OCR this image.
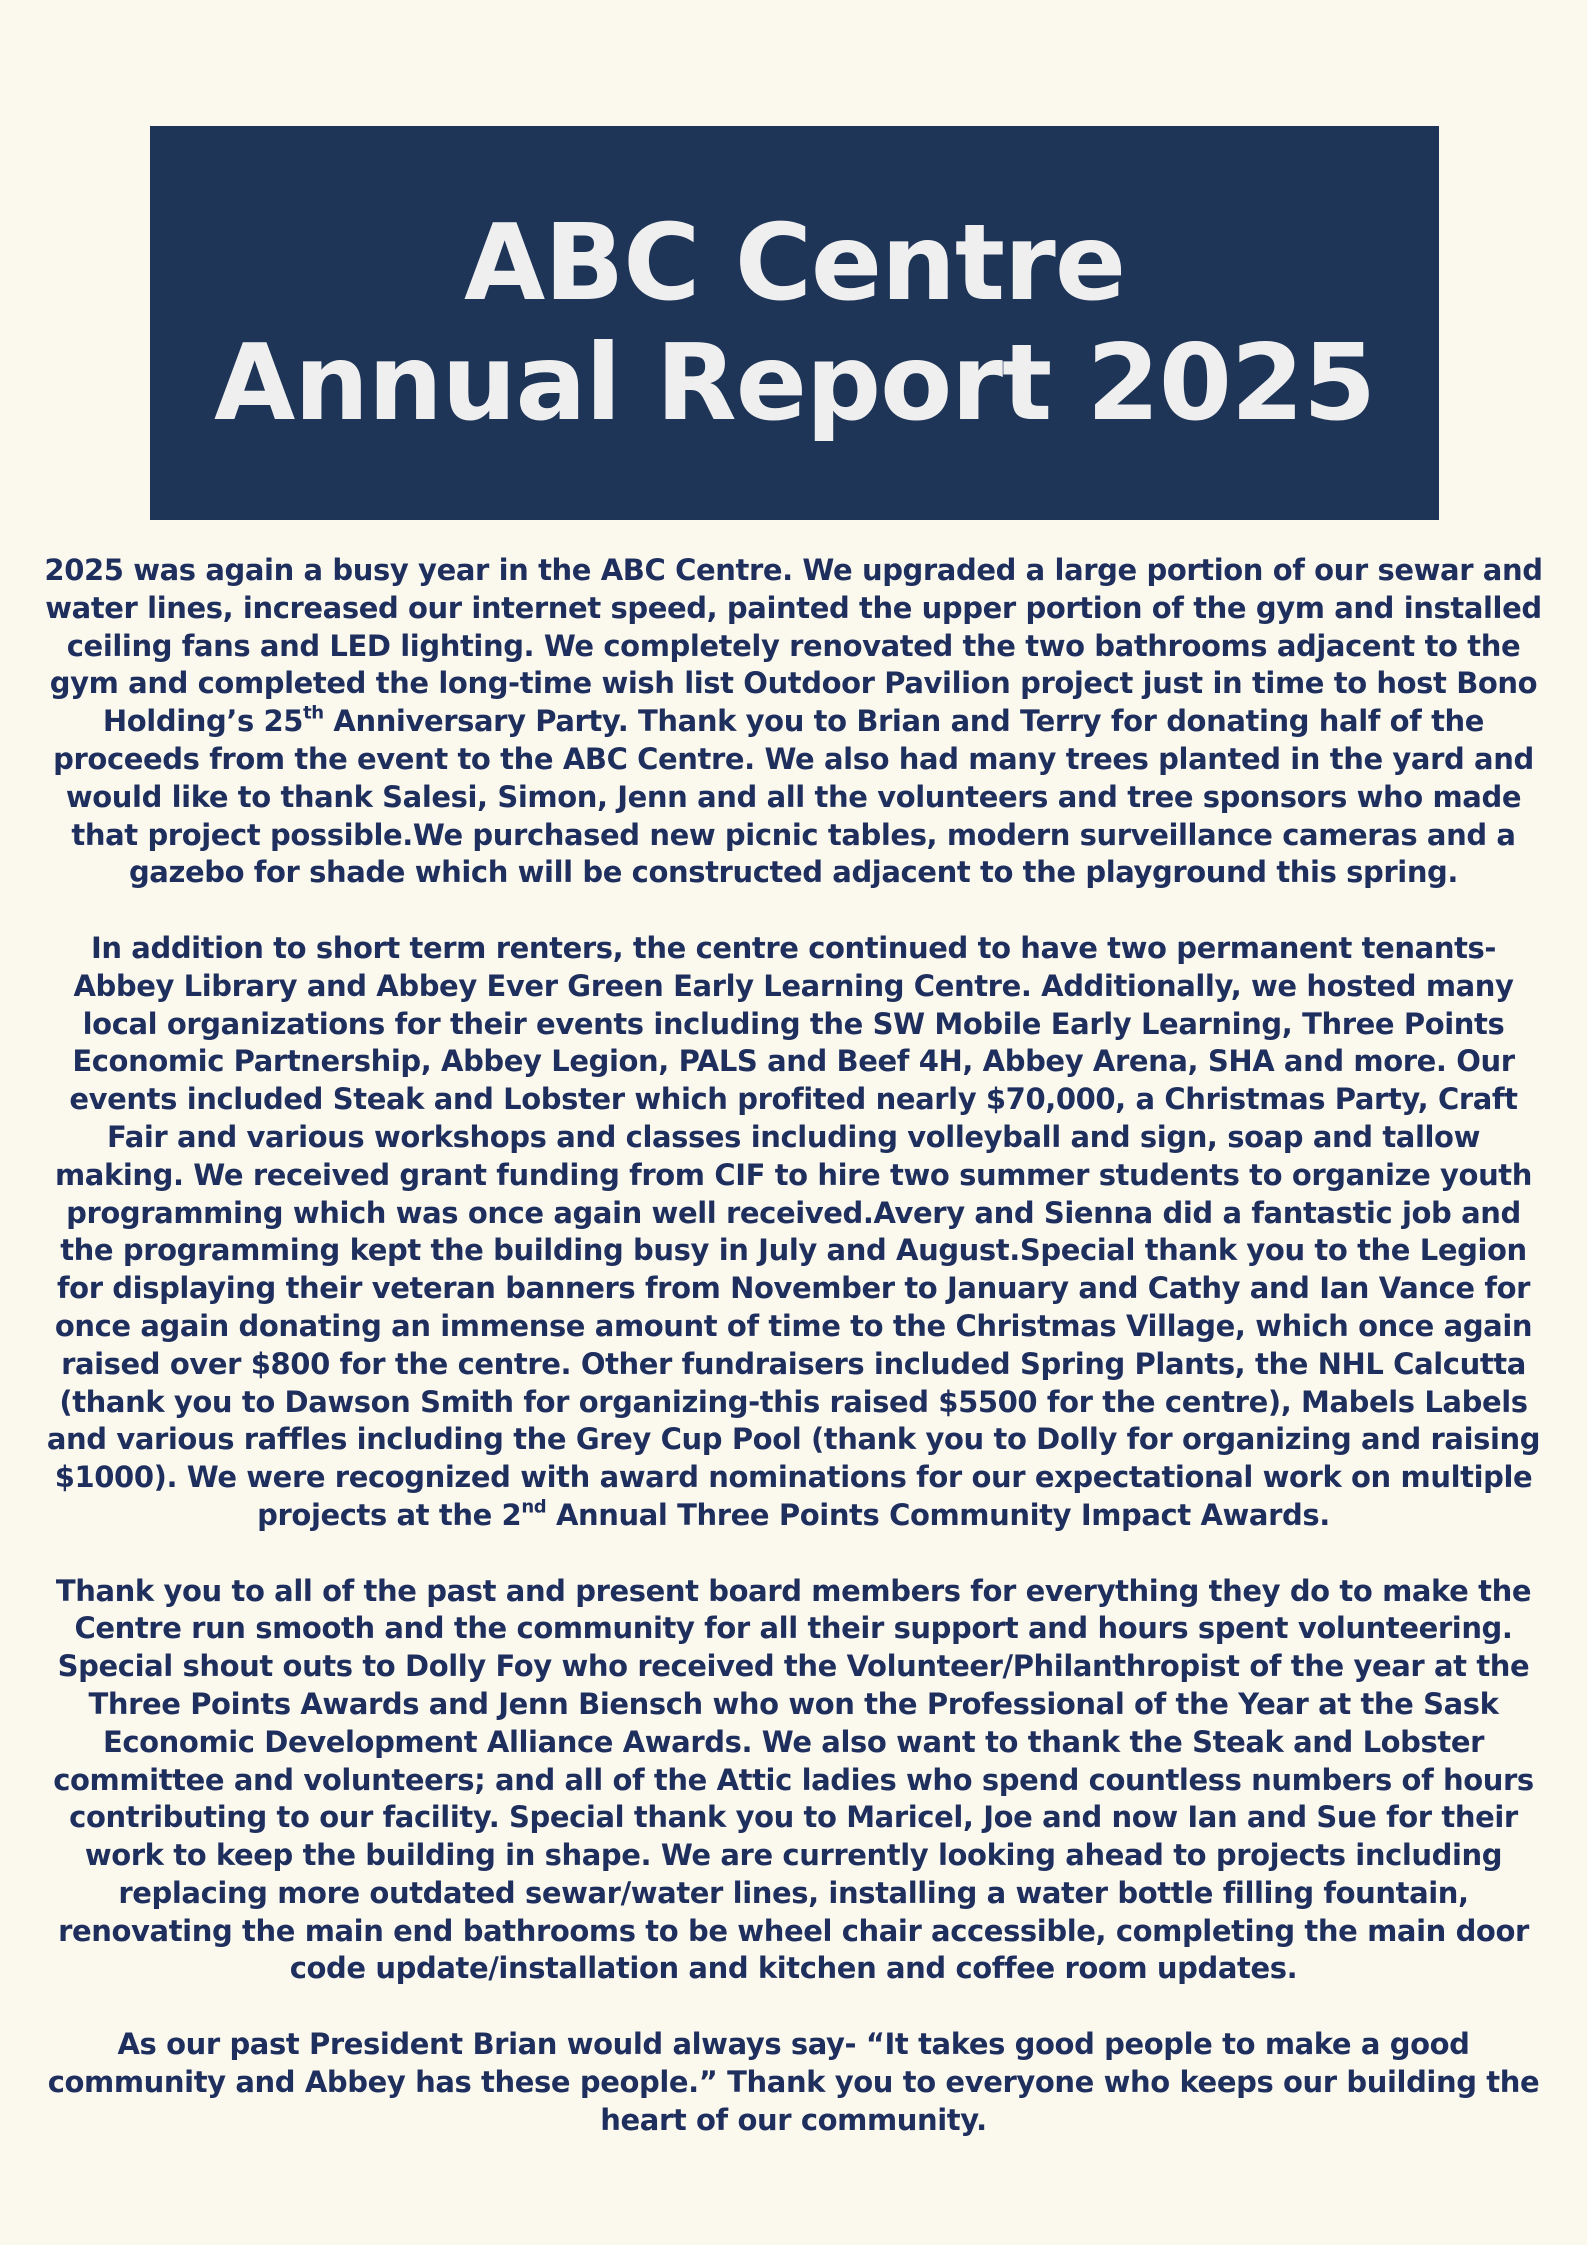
ABC Centre
Annual Report 2025

2025 was again a busy year in the ABC Centre. We upgraded a large portion of our sewar and water lines, increased our internet speed, painted the upper portion of the gym and installed ceiling fans and LED lighting. We completely renovated the two bathrooms adjacent to the gym and completed the long-time wish list Outdoor Pavilion project just in time to host Bono Holding’s 25th Anniversary Party. Thank you to Brian and Terry for donating half of the proceeds from the event to the ABC Centre. We also had many trees planted in the yard and would like to thank Salesi, Simon, Jenn and all the volunteers and tree sponsors who made that project possible.We purchased new picnic tables, modern surveillance cameras and a gazebo for shade which will be constructed adjacent to the playground this spring.

In addition to short term renters, the centre continued to have two permanent tenants- Abbey Library and Abbey Ever Green Early Learning Centre. Additionally, we hosted many local organizations for their events including the SW Mobile Early Learning, Three Points Economic Partnership, Abbey Legion, PALS and Beef 4H, Abbey Arena, SHA and more. Our events included Steak and Lobster which profited nearly $70,000, a Christmas Party, Craft Fair and various workshops and classes including volleyball and sign, soap and tallow making. We received grant funding from CIF to hire two summer students to organize youth programming which was once again well received.Avery and Sienna did a fantastic job and the programming kept the building busy in July and August.Special thank you to the Legion for displaying their veteran banners from November to January and Cathy and Ian Vance for once again donating an immense amount of time to the Christmas Village, which once again raised over $800 for the centre. Other fundraisers included Spring Plants, the NHL Calcutta (thank you to Dawson Smith for organizing-this raised $5500 for the centre), Mabels Labels and various raffles including the Grey Cup Pool (thank you to Dolly for organizing and raising $1000). We were recognized with award nominations for our expectational work on multiple projects at the 2nd Annual Three Points Community Impact Awards.

Thank you to all of the past and present board members for everything they do to make the Centre run smooth and the community for all their support and hours spent volunteering. Special shout outs to Dolly Foy who received the Volunteer/Philanthropist of the year at the Three Points Awards and Jenn Biensch who won the Professional of the Year at the Sask Economic Development Alliance Awards. We also want to thank the Steak and Lobster committee and volunteers; and all of the Attic ladies who spend countless numbers of hours contributing to our facility. Special thank you to Maricel, Joe and now Ian and Sue for their work to keep the building in shape. We are currently looking ahead to projects including replacing more outdated sewar/water lines, installing a water bottle filling fountain, renovating the main end bathrooms to be wheel chair accessible, completing the main door code update/installation and kitchen and coffee room updates.

As our past President Brian would always say- “It takes good people to make a good community and Abbey has these people.” Thank you to everyone who keeps our building the heart of our community.
